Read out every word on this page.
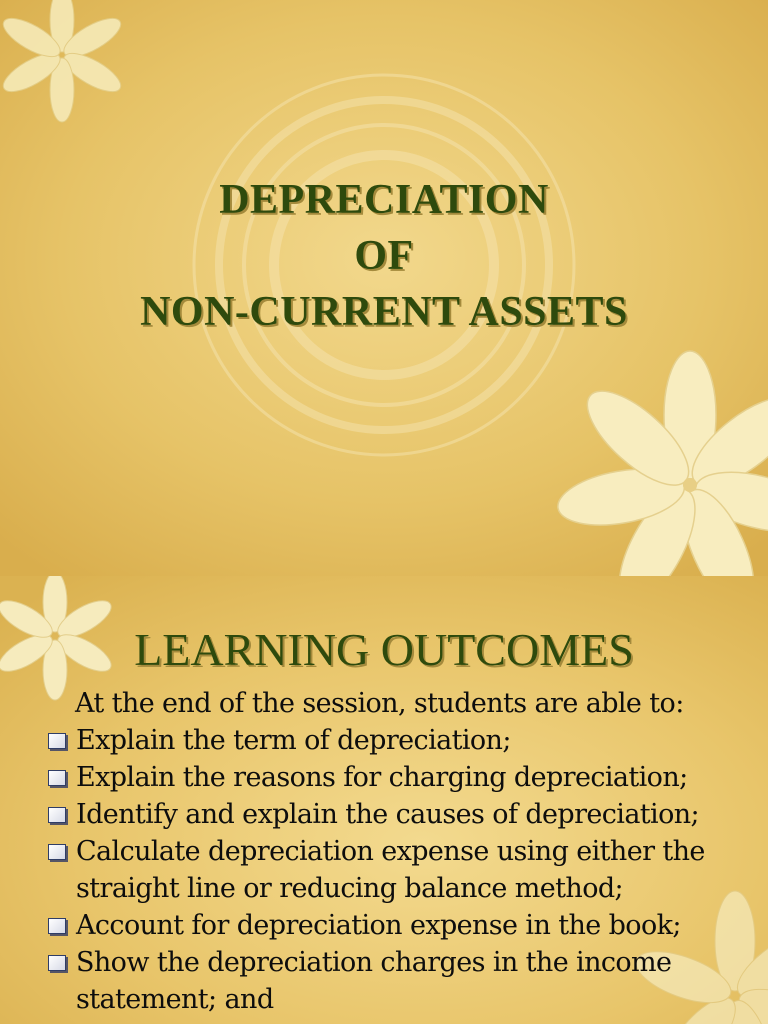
DEPRECIATION
OF
NON-CURRENT ASSETS
LEARNING OUTCOMES
At the end of the session, students are able to:
Explain the term of depreciation;
Explain the reasons for charging depreciation;
Identify and explain the causes of depreciation;
Calculate depreciation expense using either the straight line or reducing balance method;
Account for depreciation expense in the book;
Show the depreciation charges in the income statement; and
